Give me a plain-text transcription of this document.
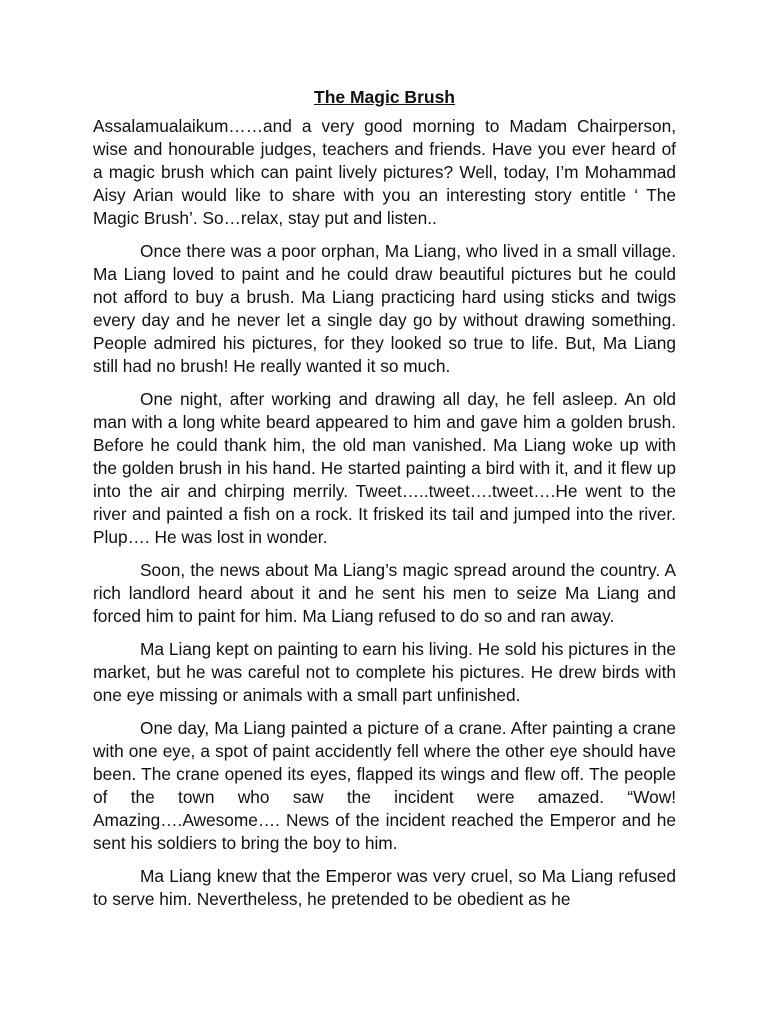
The Magic Brush

Assalamualaikum……and a very good morning to Madam Chairperson, wise and honourable judges, teachers and friends. Have you ever heard of a magic brush which can paint lively pictures? Well, today, I’m Mohammad Aisy Arian would like to share with you an interesting story entitle ‘ The Magic Brush’. So…relax, stay put and listen..

Once there was a poor orphan, Ma Liang, who lived in a small village. Ma Liang loved to paint and he could draw beautiful pictures but he could not afford to buy a brush. Ma Liang practicing hard using sticks and twigs every day and he never let a single day go by without drawing something. People admired his pictures, for they looked so true to life. But, Ma Liang still had no brush! He really wanted it so much.

One night, after working and drawing all day, he fell asleep. An old man with a long white beard appeared to him and gave him a golden brush. Before he could thank him, the old man vanished. Ma Liang woke up with the golden brush in his hand. He started painting a bird with it, and it flew up into the air and chirping merrily. Tweet…..tweet….tweet….He went to the river and painted a fish on a rock. It frisked its tail and jumped into the river. Plup…. He was lost in wonder.

Soon, the news about Ma Liang’s magic spread around the country. A rich landlord heard about it and he sent his men to seize Ma Liang and forced him to paint for him. Ma Liang refused to do so and ran away.

Ma Liang kept on painting to earn his living. He sold his pictures in the market, but he was careful not to complete his pictures. He drew birds with one eye missing or animals with a small part unfinished.

One day, Ma Liang painted a picture of a crane. After painting a crane with one eye, a spot of paint accidently fell where the other eye should have been. The crane opened its eyes, flapped its wings and flew off. The people of the town who saw the incident were amazed. “Wow! Amazing….Awesome…. News of the incident reached the Emperor and he sent his soldiers to bring the boy to him.

Ma Liang knew that the Emperor was very cruel, so Ma Liang refused to serve him. Nevertheless, he pretended to be obedient as he
